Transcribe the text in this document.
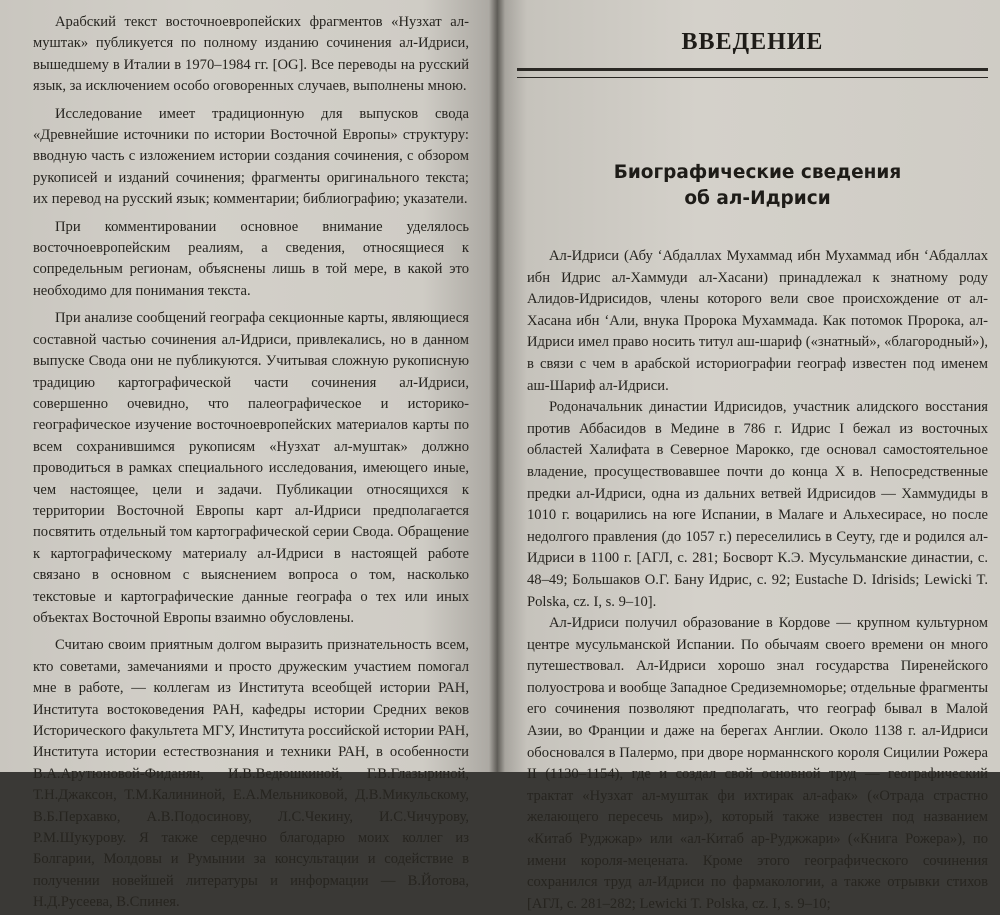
Арабский текст восточноевропейских фрагментов «Нузхат ал-муштак» публикуется по полному изданию сочинения ал-Идриси, вышедшему в Италии в 1970–1984 гг. [OG]. Все переводы на русский язык, за исключением особо оговоренных случаев, выполнены мною.

Исследование имеет традиционную для выпусков свода «Древнейшие источники по истории Восточной Европы» структуру: вводную часть с изложением истории создания сочинения, с обзором рукописей и изданий сочинения; фрагменты оригинального текста; их перевод на русский язык; комментарии; библиографию; указатели.

При комментировании основное внимание уделялось восточноевропейским реалиям, а сведения, относящиеся к сопредельным регионам, объяснены лишь в той мере, в какой это необходимо для понимания текста.

При анализе сообщений географа секционные карты, являющиеся составной частью сочинения ал-Идриси, привлекались, но в данном выпуске Свода они не публикуются. Учитывая сложную рукописную традицию картографической части сочинения ал-Идриси, совершенно очевидно, что палеографическое и историко-географическое изучение восточноевропейских материалов карты по всем сохранившимся рукописям «Нузхат ал-муштак» должно проводиться в рамках специального исследования, имеющего иные, чем настоящее, цели и задачи. Публикации относящихся к территории Восточной Европы карт ал-Идриси предполагается посвятить отдельный том картографической серии Свода. Обращение к картографическому материалу ал-Идриси в настоящей работе связано в основном с выяснением вопроса о том, насколько текстовые и картографические данные географа о тех или иных объектах Восточной Европы взаимно обусловлены.

Считаю своим приятным долгом выразить признательность всем, кто советами, замечаниями и просто дружеским участием помогал мне в работе, — коллегам из Института всеобщей истории РАН, Института востоковедения РАН, кафедры истории Средних веков Исторического факультета МГУ, Института российской истории РАН, Института истории естествознания и техники РАН, в особенности В.А.Арутюновой-Фиданян, И.В.Ведюшкиной, Г.В.Глазыриной, Т.Н.Джаксон, Т.М.Калининой, Е.А.Мельниковой, Д.В.Микульскому, В.Б.Перхавко, А.В.Подосинову, Л.С.Чекину, И.С.Чичурову, Р.М.Шукурову. Я также сердечно благодарю моих коллег из Болгарии, Молдовы и Румынии за консультации и содействие в получении новейшей литературы и информации — В.Йотова, Н.Д.Русеева, В.Спинея.

ВВЕДЕНИЕ
Биографические сведения
об ал-Идриси

Ал-Идриси (Абу ‘Абдаллах Мухаммад ибн Мухаммад ибн ‘Абдаллах ибн Идрис ал-Хаммуди ал-Хасани) принадлежал к знатному роду Алидов-Идрисидов, члены которого вели свое происхождение от ал-Хасана ибн ‘Али, внука Пророка Мухаммада. Как потомок Пророка, ал-Идриси имел право носить титул аш-шариф («знатный», «благородный»), в связи с чем в арабской историографии географ известен под именем аш-Шариф ал-Идриси.

Родоначальник династии Идрисидов, участник алидского восстания против Аббасидов в Медине в 786 г. Идрис I бежал из восточных областей Халифата в Северное Марокко, где основал самостоятельное владение, просуществовавшее почти до конца X в. Непосредственные предки ал-Идриси, одна из дальних ветвей Идрисидов — Хаммудиды в 1010 г. воцарились на юге Испании, в Малаге и Альхесирасе, но после недолгого правления (до 1057 г.) переселились в Сеуту, где и родился ал-Идриси в 1100 г. [АГЛ, с. 281; Босворт К.Э. Мусульманские династии, с. 48–49; Большаков О.Г. Бану Идрис, с. 92; Eustache D. Idrisids; Lewicki T. Polska, cz. I, s. 9–10].

Ал-Идриси получил образование в Кордове — крупном культурном центре мусульманской Испании. По обычаям своего времени он много путешествовал. Ал-Идриси хорошо знал государства Пиренейского полуострова и вообще Западное Средиземноморье; отдельные фрагменты его сочинения позволяют предполагать, что географ бывал в Малой Азии, во Франции и даже на берегах Англии. Около 1138 г. ал-Идриси обосновался в Палермо, при дворе норманнского короля Сицилии Рожера II (1130–1154), где и создал свой основной труд — географический трактат «Нузхат ал-муштак фи ихтирак ал-афак» («Отрада страстно желающего пересечь мир»), который также известен под названием «Китаб Руджжар» или «ал-Китаб ар-Руджжари» («Книга Рожера»), по имени короля-мецената. Кроме этого географического сочинения сохранился труд ал-Идриси по фармакологии, а также отрывки стихов [АГЛ, с. 281–282; Lewicki T. Polska, cz. I, s. 9–10;
